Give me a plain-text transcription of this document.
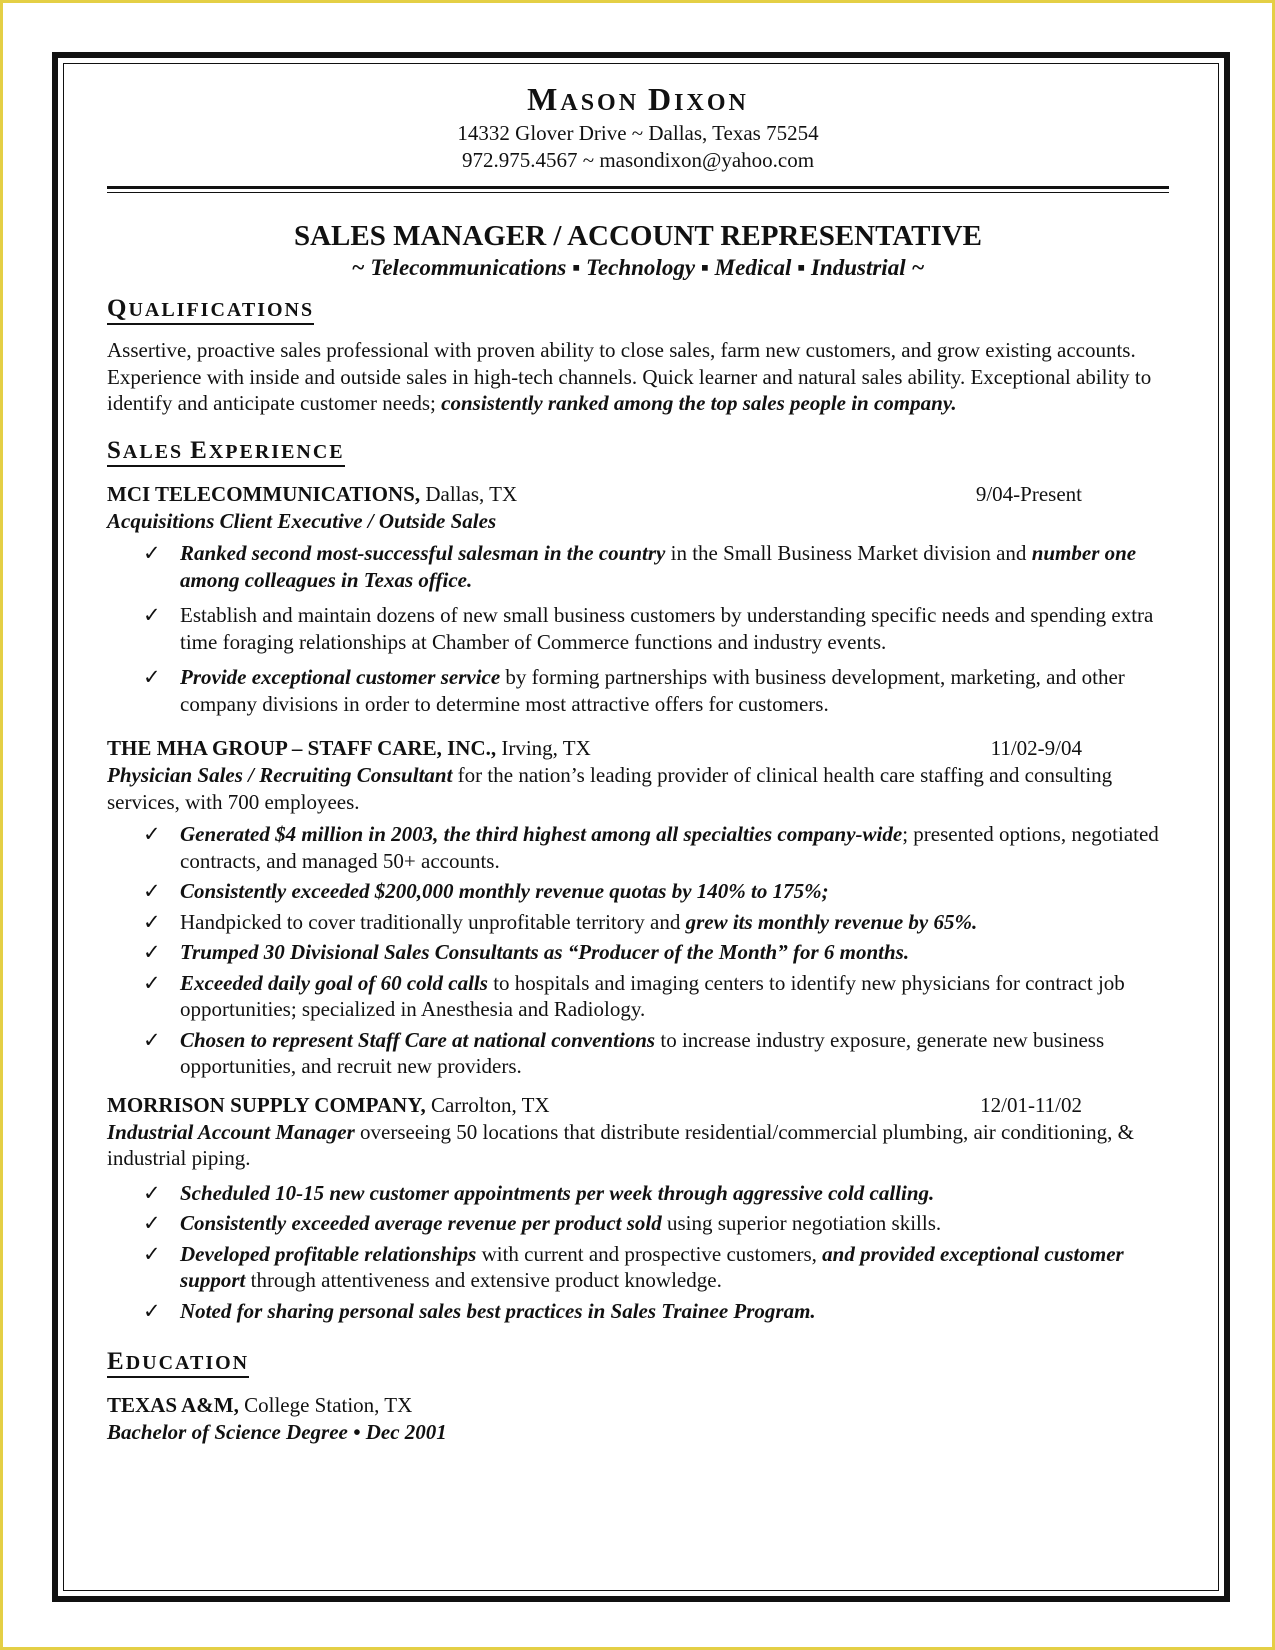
MASON DIXON
14332 Glover Drive ~ Dallas, Texas 75254
972.975.4567 ~ masondixon@yahoo.com
SALES MANAGER / ACCOUNT REPRESENTATIVE
~ Telecommunications ▪ Technology ▪ Medical ▪ Industrial ~
QUALIFICATIONS

Assertive, proactive sales professional with proven ability to close sales, farm new customers, and grow existing accounts. Experience with inside and outside sales in high-tech channels. Quick learner and natural sales ability. Exceptional ability to identify and anticipate customer needs; consistently ranked among the top sales people in company.

SALES EXPERIENCE
MCI TELECOMMUNICATIONS, Dallas, TX	9/04-Present
Acquisitions Client Executive / Outside Sales
✓ Ranked second most-successful salesman in the country in the Small Business Market division and number one among colleagues in Texas office.
✓ Establish and maintain dozens of new small business customers by understanding specific needs and spending extra time foraging relationships at Chamber of Commerce functions and industry events.
✓ Provide exceptional customer service by forming partnerships with business development, marketing, and other company divisions in order to determine most attractive offers for customers.
THE MHA GROUP – STAFF CARE, INC., Irving, TX	11/02-9/04
Physician Sales / Recruiting Consultant for the nation’s leading provider of clinical health care staffing and consulting services, with 700 employees.
✓ Generated $4 million in 2003, the third highest among all specialties company-wide; presented options, negotiated contracts, and managed 50+ accounts.
✓ Consistently exceeded $200,000 monthly revenue quotas by 140% to 175%;
✓ Handpicked to cover traditionally unprofitable territory and grew its monthly revenue by 65%.
✓ Trumped 30 Divisional Sales Consultants as “Producer of the Month” for 6 months.
✓ Exceeded daily goal of 60 cold calls to hospitals and imaging centers to identify new physicians for contract job opportunities; specialized in Anesthesia and Radiology.
✓ Chosen to represent Staff Care at national conventions to increase industry exposure, generate new business opportunities, and recruit new providers.
MORRISON SUPPLY COMPANY, Carrolton, TX	12/01-11/02
Industrial Account Manager overseeing 50 locations that distribute residential/commercial plumbing, air conditioning, & industrial piping.
✓ Scheduled 10-15 new customer appointments per week through aggressive cold calling.
✓ Consistently exceeded average revenue per product sold using superior negotiation skills.
✓ Developed profitable relationships with current and prospective customers, and provided exceptional customer support through attentiveness and extensive product knowledge.
✓ Noted for sharing personal sales best practices in Sales Trainee Program.
EDUCATION
TEXAS A&M, College Station, TX
Bachelor of Science Degree • Dec 2001
